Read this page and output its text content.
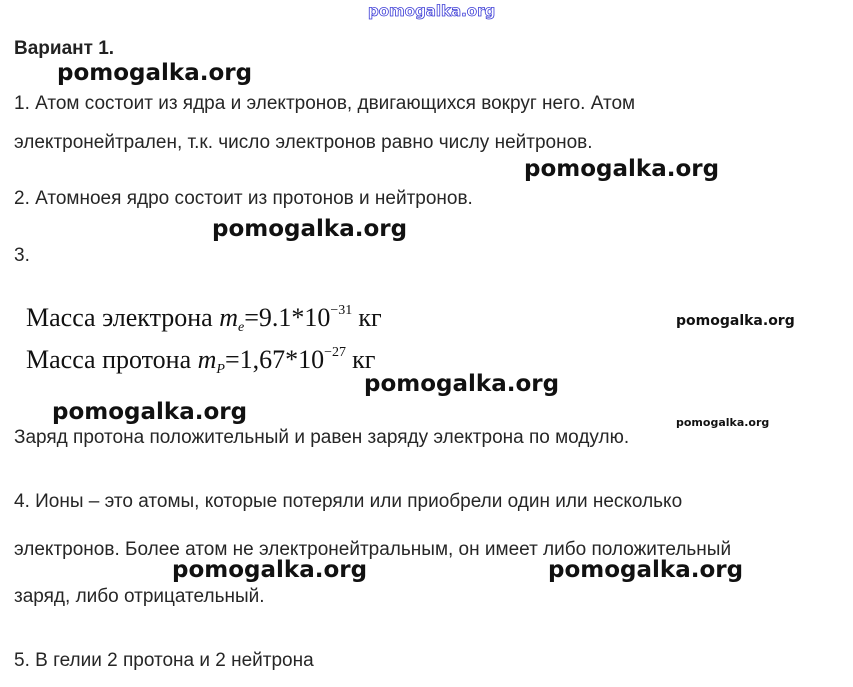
pomogalka.org
Вариант 1.
pomogalka.org
1. Атом состоит из ядра и электронов, двигающихся вокруг него. Атом
электронейтрален, т.к. число электронов равно числу нейтронов.
pomogalka.org
2. Атомноея ядро состоит из протонов и нейтронов.
pomogalka.org
3.
Масса электрона $m_e=9.1*10^{-31}$ кг	pomogalka.org
Масса протона $m_P=1,67*10^{-27}$ кг
pomogalka.org
pomogalka.org	pomogalka.org
Заряд протона положительный и равен заряду электрона по модулю.
4. Ионы – это атомы, которые потеряли или приобрели один или несколько
электронов. Более атом не электронейтральным, он имеет либо положительный
pomogalka.org	pomogalka.org
заряд, либо отрицательный.
5. В гелии 2 протона и 2 нейтрона
